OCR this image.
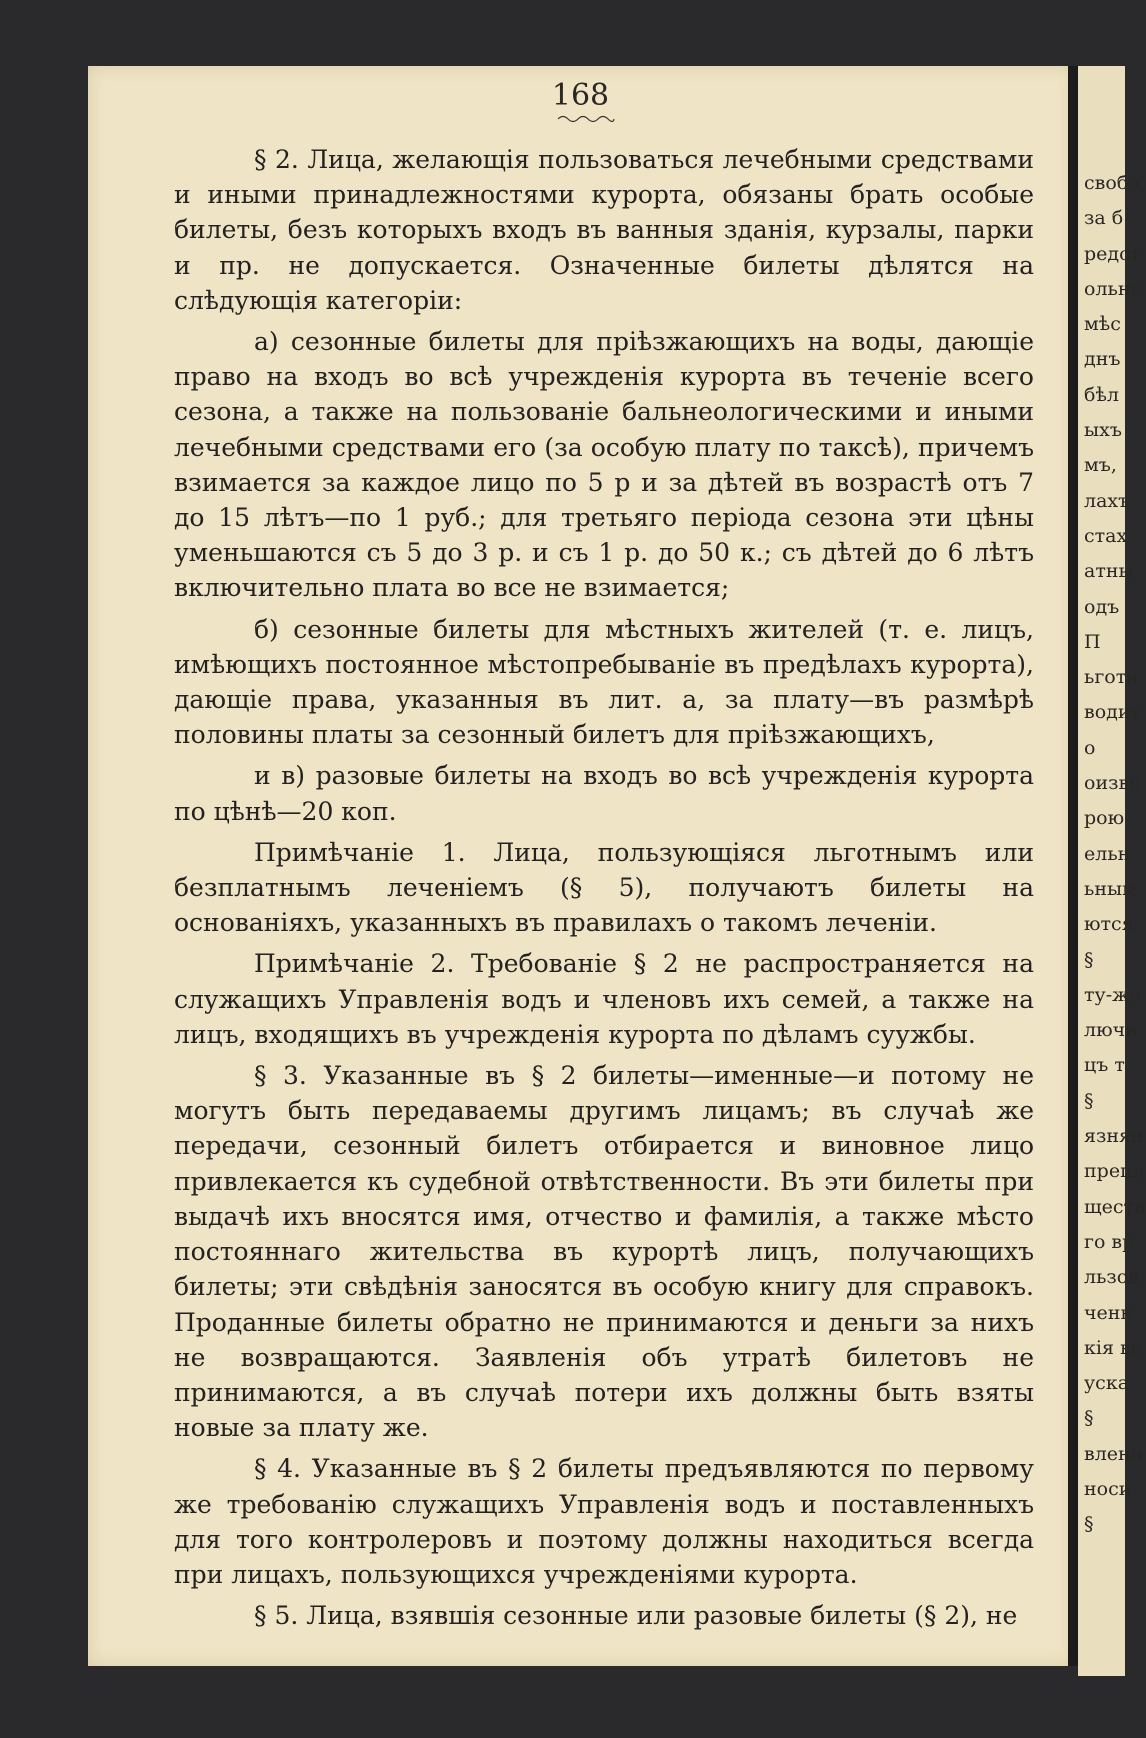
168

§ 2. Лица, желающія пользоваться лечебными средствами и иными принадлежностями курорта, обязаны брать особые билеты, безъ которыхъ входъ въ ванныя зданія, курзалы, парки и пр. не допускается. Означенные билеты дѣлятся на слѣдующія категоріи:

а) сезонные билеты для пріѣзжающихъ на воды, дающіе право на входъ во всѣ учрежденія курорта въ теченіе всего сезона, а также на пользованіе бальнеологическими и иными лечебными средствами его (за особую плату по таксѣ), причемъ взимается за каждое лицо по 5 р и за дѣтей въ возрастѣ отъ 7 до 15 лѣтъ—по 1 руб.; для третьяго періода сезона эти цѣны уменьшаются съ 5 до 3 р. и съ 1 р. до 50 к.; съ дѣтей до 6 лѣтъ включительно плата во все не взимается;

б) сезонные билеты для мѣстныхъ жителей (т. е. лицъ, имѣющихъ постоянное мѣстопребываніе въ предѣлахъ курорта), дающіе права, указанныя въ лит. а, за плату—въ размѣрѣ половины платы за сезонный билетъ для пріѣзжающихъ,

и в) разовые билеты на входъ во всѣ учрежденія курорта по цѣнѣ—20 коп.

Примѣчаніе 1. Лица, пользующіяся льготнымъ или безплатнымъ леченіемъ (§ 5), получаютъ билеты на основаніяхъ, указанныхъ въ правилахъ о такомъ леченіи.

Примѣчаніе 2. Требованіе § 2 не распространяется на служащихъ Управленія водъ и членовъ ихъ семей, а также на лицъ, входящихъ въ учрежденія курорта по дѣламъ суужбы.

§ 3. Указанные въ § 2 билеты—именные—и потому не могутъ быть передаваемы другимъ лицамъ; въ случаѣ же передачи, сезонный билетъ отбирается и виновное лицо привлекается къ судебной отвѣтственности. Въ эти билеты при выдачѣ ихъ вносятся имя, отчество и фамилія, а также мѣсто постояннаго жительства въ курортѣ лицъ, получающихъ билеты; эти свѣдѣнія заносятся въ особую книгу для справокъ. Проданные билеты обратно не принимаются и деньги за нихъ не возвращаются. Заявленія объ утратѣ билетовъ не принимаются, а въ случаѣ потери ихъ должны быть взяты новые за плату же.

§ 4. Указанные въ § 2 билеты предъявляются по первому же требованію служащихъ Управленія водъ и поставленныхъ для того контролеровъ и поэтому должны находиться всегда при лицахъ, пользующихся учрежденіями курорта.

§ 5. Лица, взявшія сезонные или разовые билеты (§ 2), не

свобо
за б
редст
ольны
мѣс
днъ
бѣл
ыхъ
мъ,
лахъ
стах
атны
одъ
П
ьготн
водит
о
оизво
рою
ельн
ьным
ются
§
ту-же
лючи
цъ т
§
язнян
препя
ществ
го вр
льзов
ченн
кія ве
уска
§
вленн
носи
§
